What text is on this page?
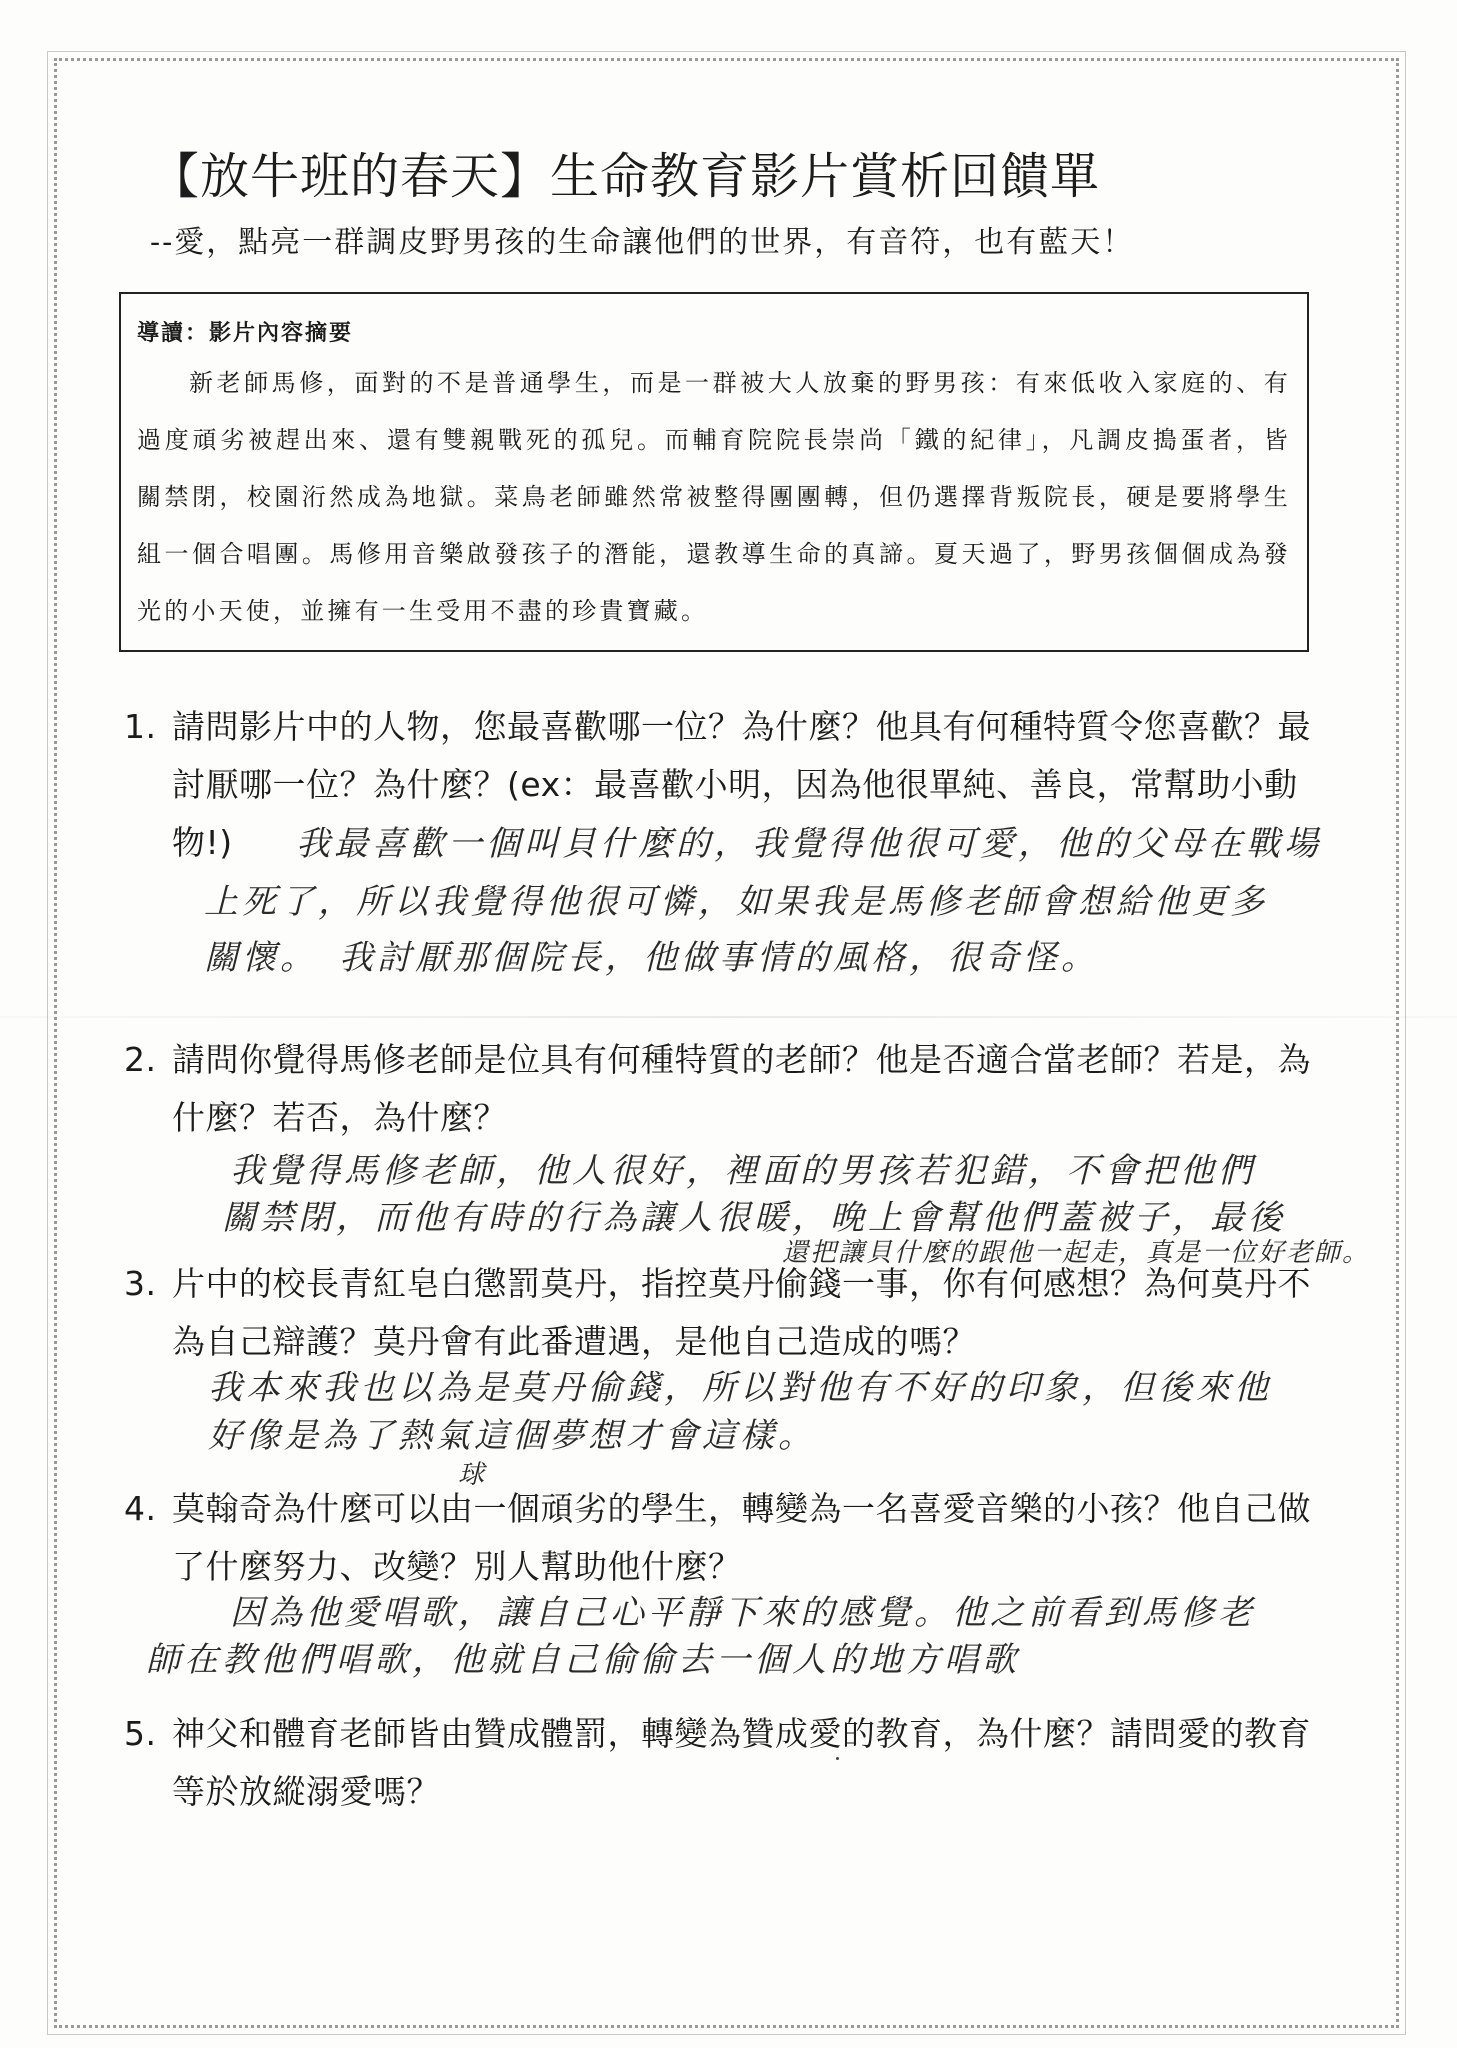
【放牛班的春天】生命教育影片賞析回饋單
--愛，點亮一群調皮野男孩的生命讓他們的世界，有音符，也有藍天！
導讀：影片內容摘要
新老師馬修，面對的不是普通學生，而是一群被大人放棄的野男孩：有來低收入家庭的、有過度頑劣被趕出來、還有雙親戰死的孤兒。而輔育院院長崇尚「鐵的紀律」，凡調皮搗蛋者，皆關禁閉，校園洐然成為地獄。菜鳥老師雖然常被整得團團轉，但仍選擇背叛院長，硬是要將學生組一個合唱團。馬修用音樂啟發孩子的潛能，還教導生命的真諦。夏天過了，野男孩個個成為發光的小天使，並擁有一生受用不盡的珍貴寶藏。
1. 請問影片中的人物，您最喜歡哪一位？為什麼？他具有何種特質令您喜歡？最討厭哪一位？為什麼？(ex：最喜歡小明，因為他很單純、善良，常幫助小動物!)	我最喜歡一個叫貝什麼的，我覺得他很可愛，他的父母在戰場
上死了，所以我覺得他很可憐，如果我是馬修老師會想給他更多
關懷。　我討厭那個院長，他做事情的風格，很奇怪。
2. 請問你覺得馬修老師是位具有何種特質的老師？他是否適合當老師？若是，為什麼？若否，為什麼？
我覺得馬修老師，他人很好，裡面的男孩若犯錯，不會把他們
關禁閉，而他有時的行為讓人很暖，晚上會幫他們蓋被子，最後
還把讓貝什麼的跟他一起走，真是一位好老師。
3. 片中的校長青紅皂白懲罰莫丹，指控莫丹偷錢一事，你有何感想？為何莫丹不為自己辯護？莫丹會有此番遭遇，是他自己造成的嗎？
我本來我也以為是莫丹偷錢，所以對他有不好的印象，但後來他
好像是為了熱氣這個夢想才會這樣。
球
4. 莫翰奇為什麼可以由一個頑劣的學生，轉變為一名喜愛音樂的小孩？他自己做了什麼努力、改變？別人幫助他什麼？
因為他愛唱歌，讓自己心平靜下來的感覺。他之前看到馬修老
師在教他們唱歌，他就自己偷偷去一個人的地方唱歌
5. 神父和體育老師皆由贊成體罰，轉變為贊成愛的教育，為什麼？請問愛的教育等於放縱溺愛嗎？
